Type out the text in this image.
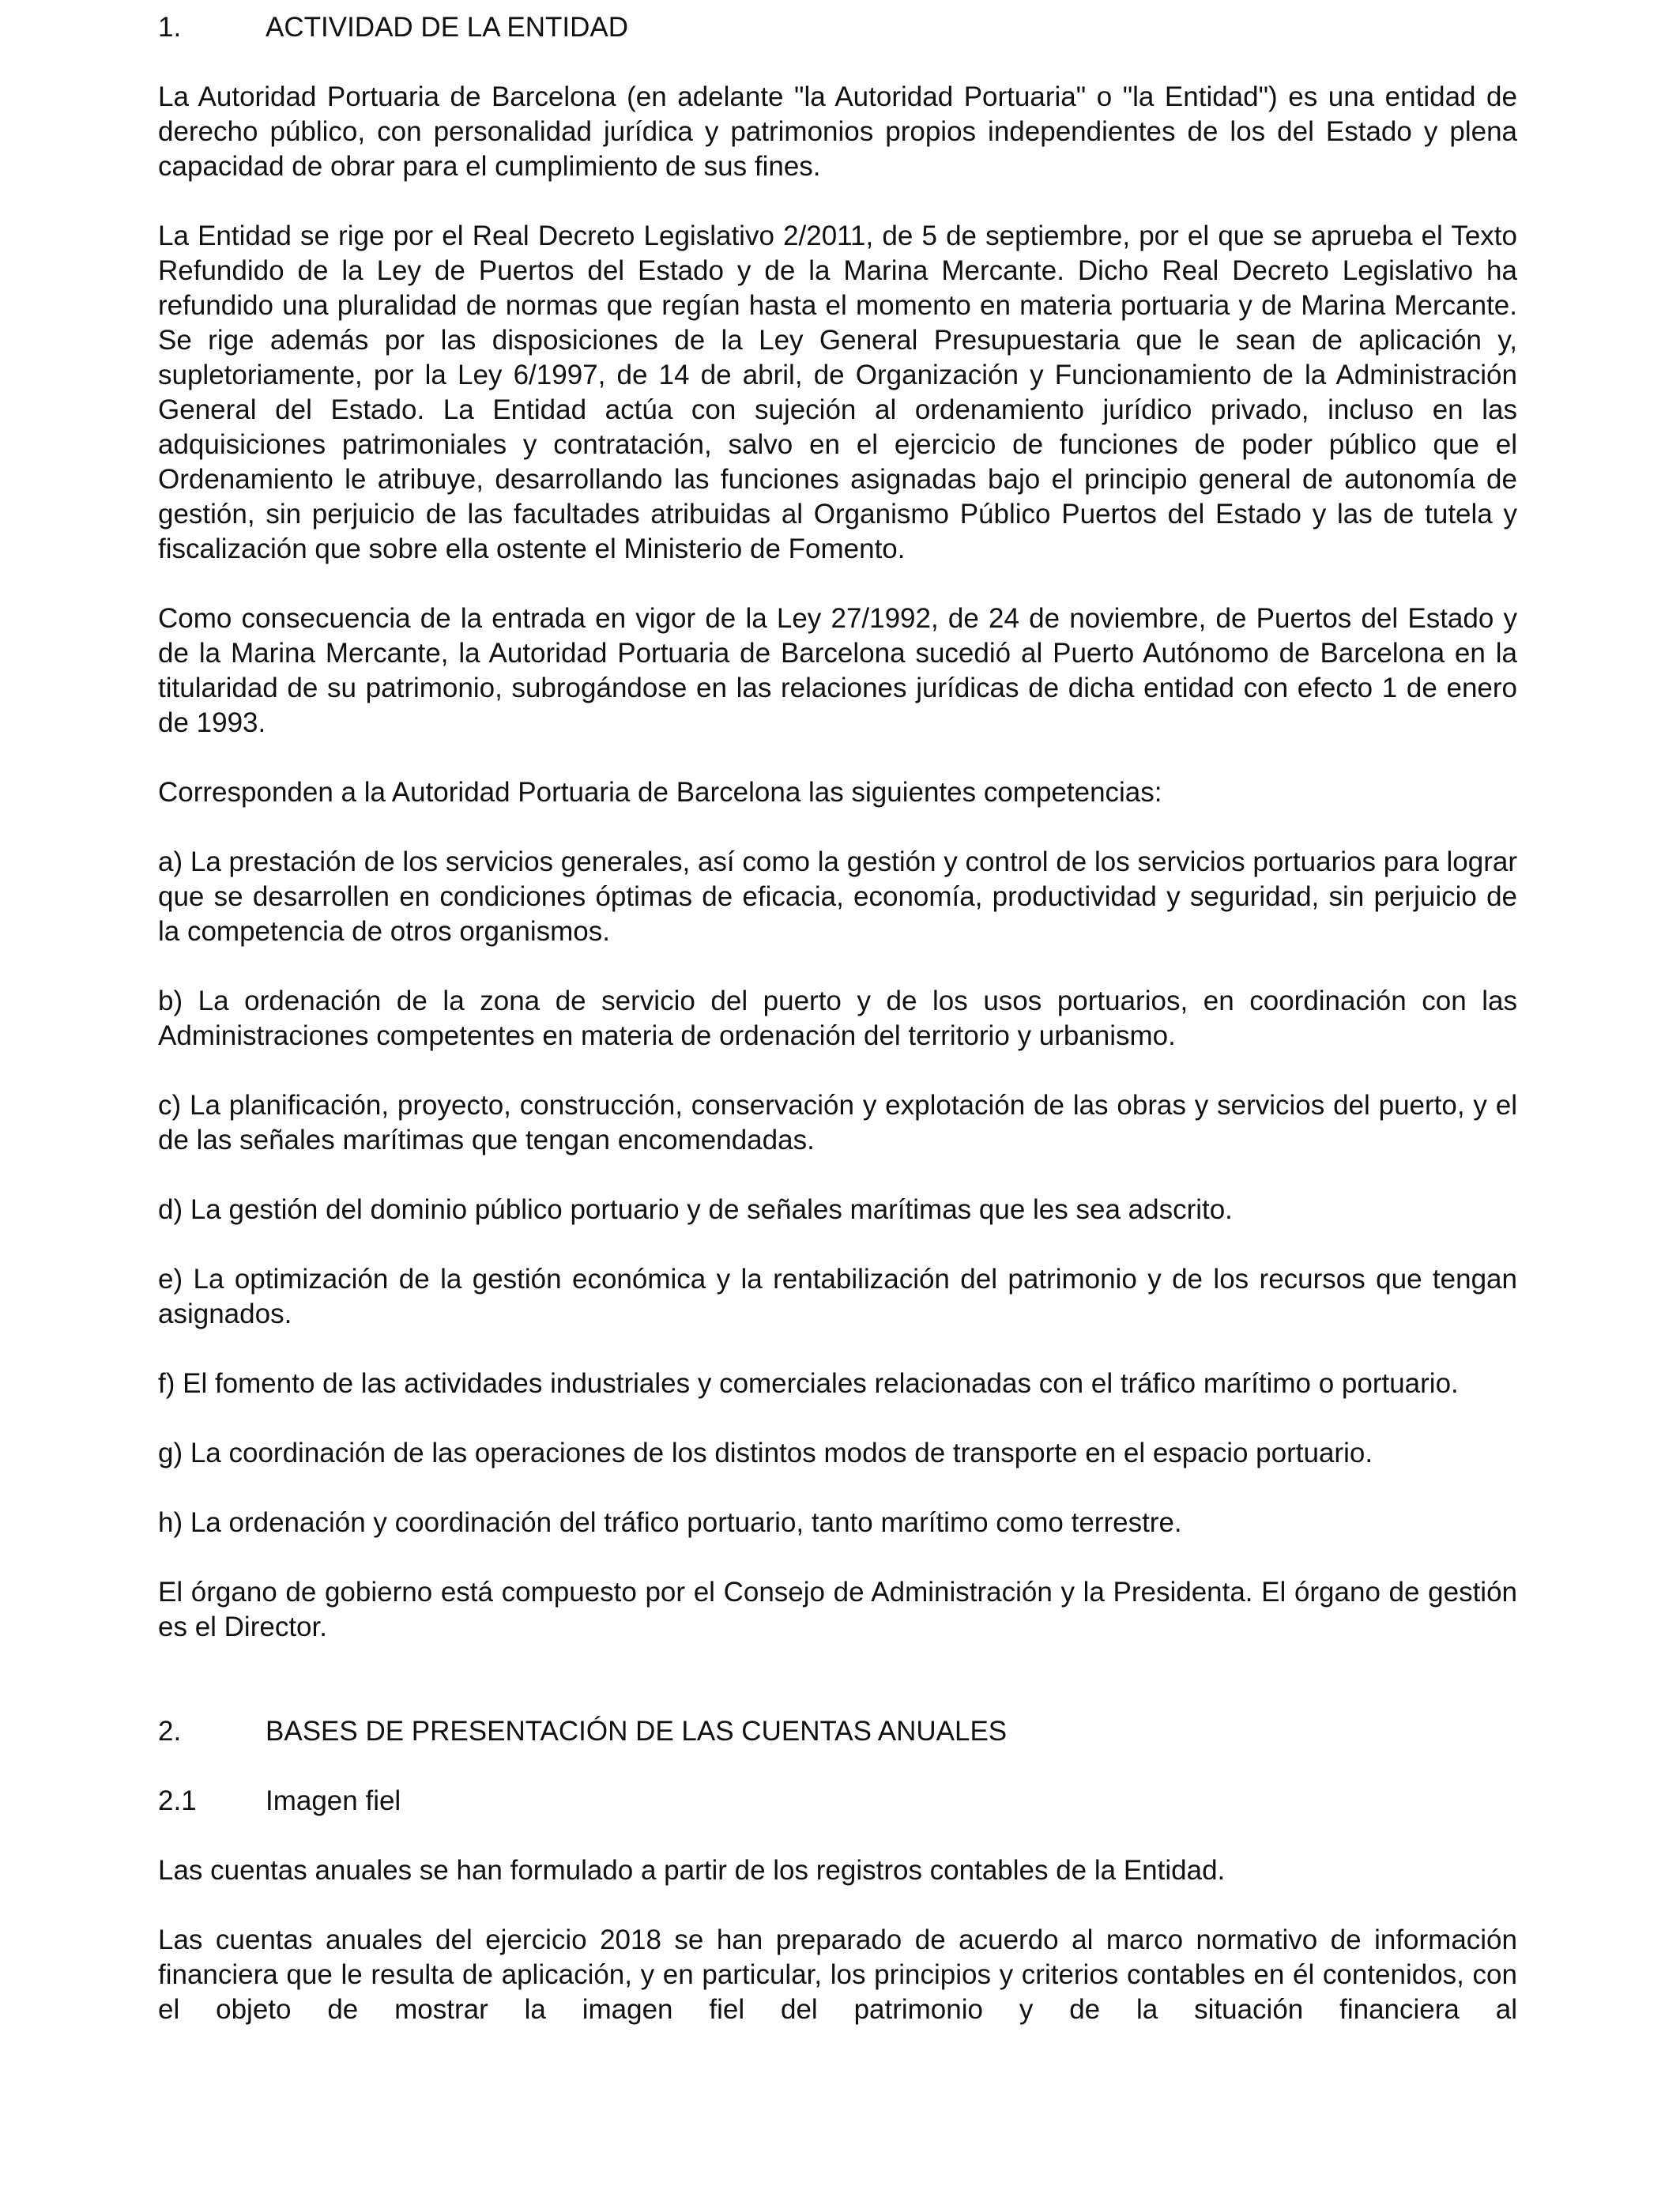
1.	ACTIVIDAD DE LA ENTIDAD

La Autoridad Portuaria de Barcelona (en adelante "la Autoridad Portuaria" o "la Entidad") es una entidad de derecho público, con personalidad jurídica y patrimonios propios independientes de los del Estado y plena capacidad de obrar para el cumplimiento de sus fines.

La Entidad se rige por el Real Decreto Legislativo 2/2011, de 5 de septiembre, por el que se aprueba el Texto Refundido de la Ley de Puertos del Estado y de la Marina Mercante. Dicho Real Decreto Legislativo ha refundido una pluralidad de normas que regían hasta el momento en materia portuaria y de Marina Mercante. Se rige además por las disposiciones de la Ley General Presupuestaria que le sean de aplicación y, supletoriamente, por la Ley 6/1997, de 14 de abril, de Organización y Funcionamiento de la Administración General del Estado. La Entidad actúa con sujeción al ordenamiento jurídico privado, incluso en las adquisiciones patrimoniales y contratación, salvo en el ejercicio de funciones de poder público que el Ordenamiento le atribuye, desarrollando las funciones asignadas bajo el principio general de autonomía de gestión, sin perjuicio de las facultades atribuidas al Organismo Público Puertos del Estado y las de tutela y fiscalización que sobre ella ostente el Ministerio de Fomento.

Como consecuencia de la entrada en vigor de la Ley 27/1992, de 24 de noviembre, de Puertos del Estado y de la Marina Mercante, la Autoridad Portuaria de Barcelona sucedió al Puerto Autónomo de Barcelona en la titularidad de su patrimonio, subrogándose en las relaciones jurídicas de dicha entidad con efecto 1 de enero de 1993.

Corresponden a la Autoridad Portuaria de Barcelona las siguientes competencias:

a) La prestación de los servicios generales, así como la gestión y control de los servicios portuarios para lograr que se desarrollen en condiciones óptimas de eficacia, economía, productividad y seguridad, sin perjuicio de la competencia de otros organismos.

b) La ordenación de la zona de servicio del puerto y de los usos portuarios, en coordinación con las Administraciones competentes en materia de ordenación del territorio y urbanismo.

c) La planificación, proyecto, construcción, conservación y explotación de las obras y servicios del puerto, y el de las señales marítimas que tengan encomendadas.

d) La gestión del dominio público portuario y de señales marítimas que les sea adscrito.

e) La optimización de la gestión económica y la rentabilización del patrimonio y de los recursos que tengan asignados.

f) El fomento de las actividades industriales y comerciales relacionadas con el tráfico marítimo o portuario.

g) La coordinación de las operaciones de los distintos modos de transporte en el espacio portuario.

h) La ordenación y coordinación del tráfico portuario, tanto marítimo como terrestre.

El órgano de gobierno está compuesto por el Consejo de Administración y la Presidenta. El órgano de gestión es el Director.

2.	BASES DE PRESENTACIÓN DE LAS CUENTAS ANUALES
2.1	Imagen fiel

Las cuentas anuales se han formulado a partir de los registros contables de la Entidad.

Las cuentas anuales del ejercicio 2018 se han preparado de acuerdo al marco normativo de información financiera que le resulta de aplicación, y en particular, los principios y criterios contables en él contenidos, con el objeto de mostrar la imagen fiel del patrimonio y de la situación financiera al
